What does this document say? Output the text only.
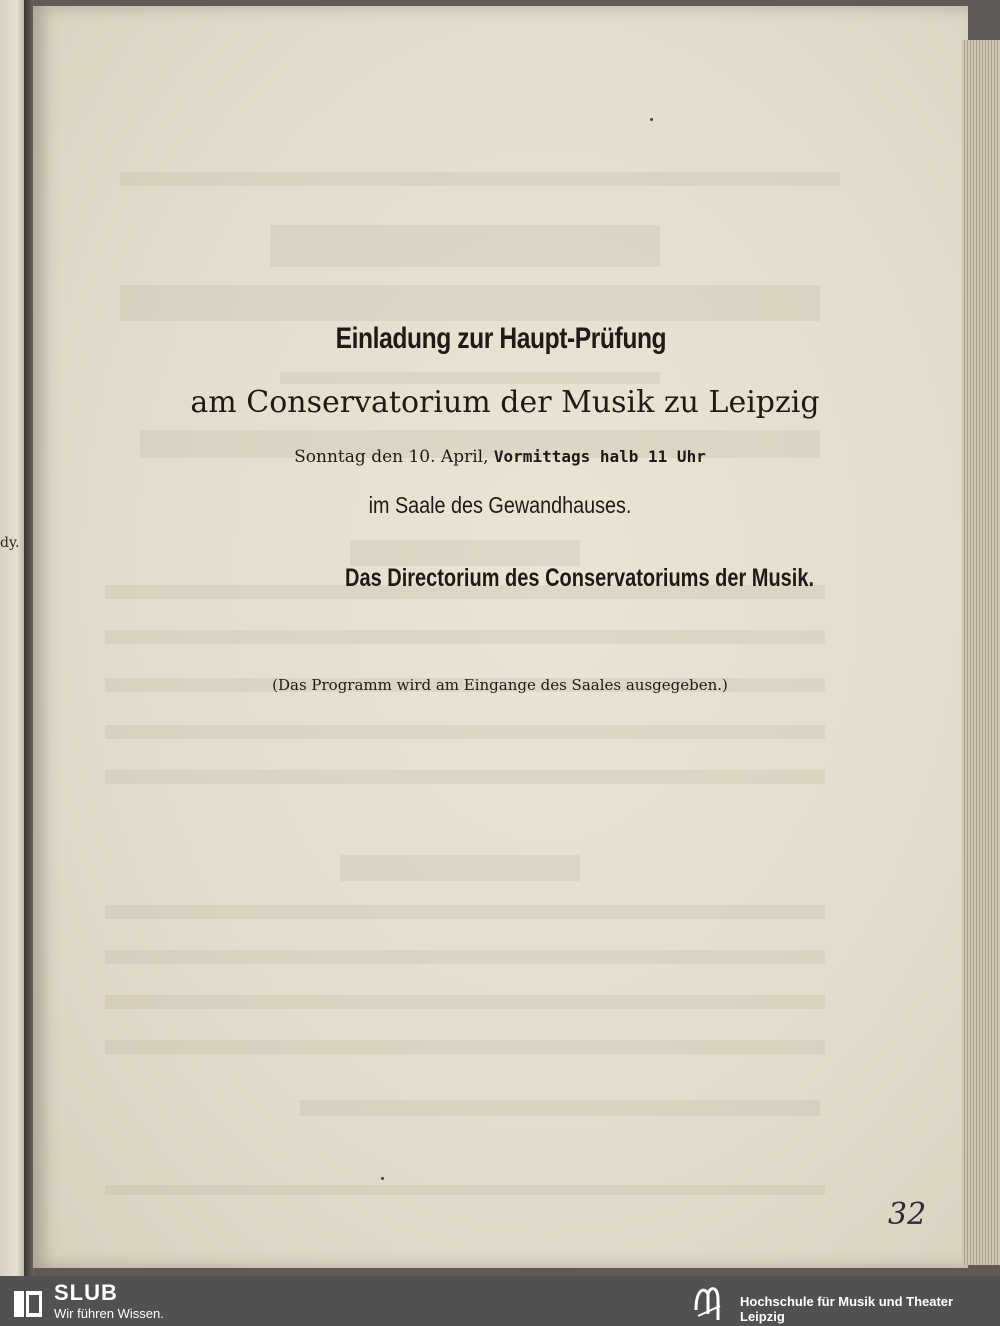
dy.
Einladung zur Haupt-Prüfung
am Conservatorium der Musik zu Leipzig
Sonntag den 10. April, Vormittags halb 11 Uhr
im Saale des Gewandhauses.
Das Directorium des Conservatoriums der Musik.
(Das Programm wird am Eingange des Saales ausgegeben.)
32
SLUB
Wir führen Wissen.
Hochschule für Musik und Theater Leipzig
